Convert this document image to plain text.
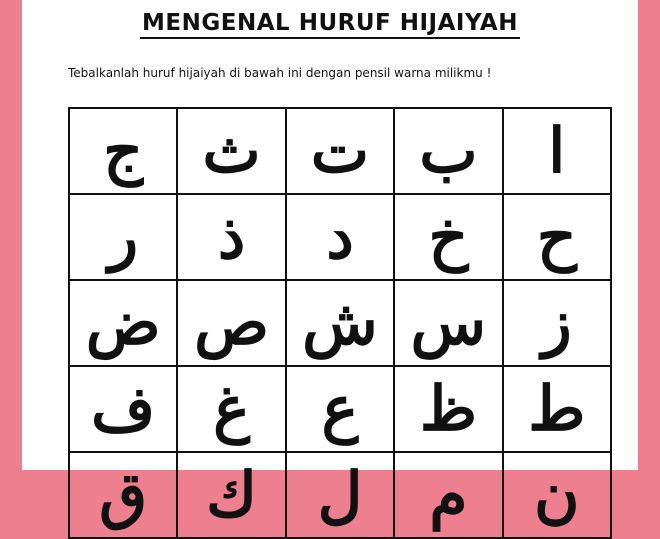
MENGENAL HURUF HIJAIYAH
Tebalkanlah huruf hijaiyah di bawah ini dengan pensil warna milikmu !
ج ث ت ب ا
ر ذ د خ ح
ض ص ش س ز
ف غ ع ظ ط
ق ك ل م ن
